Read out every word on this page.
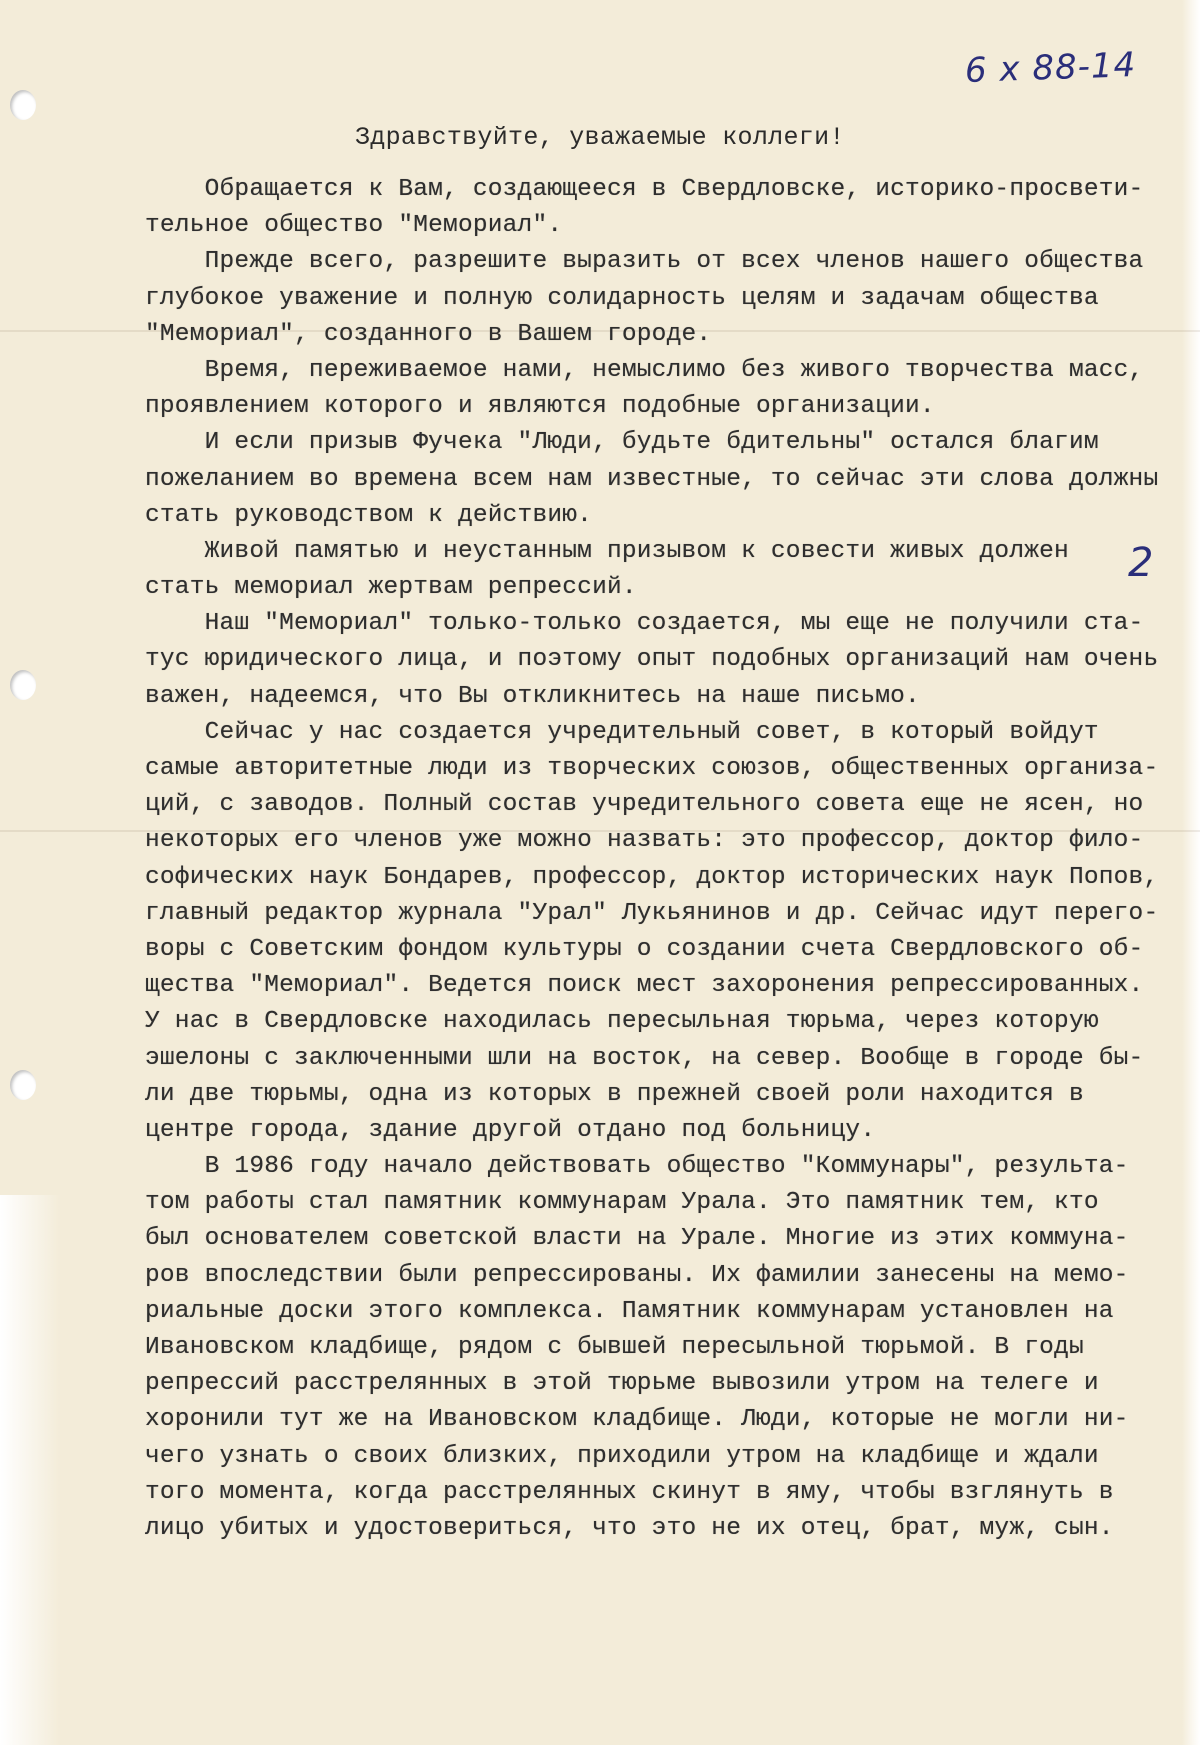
6 x 88-14
2
Здравствуйте, уважаемые коллеги!
Обращается к Вам, создающееся в Свердловске, историко-просвети-
тельное общество "Мемориал".
Прежде всего, разрешите выразить от всех членов нашего общества
глубокое уважение и полную солидарность целям и задачам общества
"Мемориал", созданного в Вашем городе.
Время, переживаемое нами, немыслимо без живого творчества масс,
проявлением которого и являются подобные организации.
И если призыв Фучека "Люди, будьте бдительны" остался благим
пожеланием во времена всем нам известные, то сейчас эти слова должны
стать руководством к действию.
Живой памятью и неустанным призывом к совести живых должен
стать мемориал жертвам репрессий.
Наш "Мемориал" только-только создается, мы еще не получили ста-
тус юридического лица, и поэтому опыт подобных организаций нам очень
важен, надеемся, что Вы откликнитесь на наше письмо.
Сейчас у нас создается учредительный совет, в который войдут
самые авторитетные люди из творческих союзов, общественных организа-
ций, с заводов. Полный состав учредительного совета еще не ясен, но
некоторых его членов уже можно назвать: это профессор, доктор фило-
софических наук Бондарев, профессор, доктор исторических наук Попов,
главный редактор журнала "Урал" Лукьянинов и др. Сейчас идут перего-
воры с Советским фондом культуры о создании счета Свердловского об-
щества "Мемориал". Ведется поиск мест захоронения репрессированных.
У нас в Свердловске находилась пересыльная тюрьма, через которую
эшелоны с заключенными шли на восток, на север. Вообще в городе бы-
ли две тюрьмы, одна из которых в прежней своей роли находится в
центре города, здание другой отдано под больницу.
В 1986 году начало действовать общество "Коммунары", результа-
том работы стал памятник коммунарам Урала. Это памятник тем, кто
был основателем советской власти на Урале. Многие из этих коммуна-
ров впоследствии были репрессированы. Их фамилии занесены на мемо-
риальные доски этого комплекса. Памятник коммунарам установлен на
Ивановском кладбище, рядом с бывшей пересыльной тюрьмой. В годы
репрессий расстрелянных в этой тюрьме вывозили утром на телеге и
хоронили тут же на Ивановском кладбище. Люди, которые не могли ни-
чего узнать о своих близких, приходили утром на кладбище и ждали
того момента, когда расстрелянных скинут в яму, чтобы взглянуть в
лицо убитых и удостовериться, что это не их отец, брат, муж, сын.
